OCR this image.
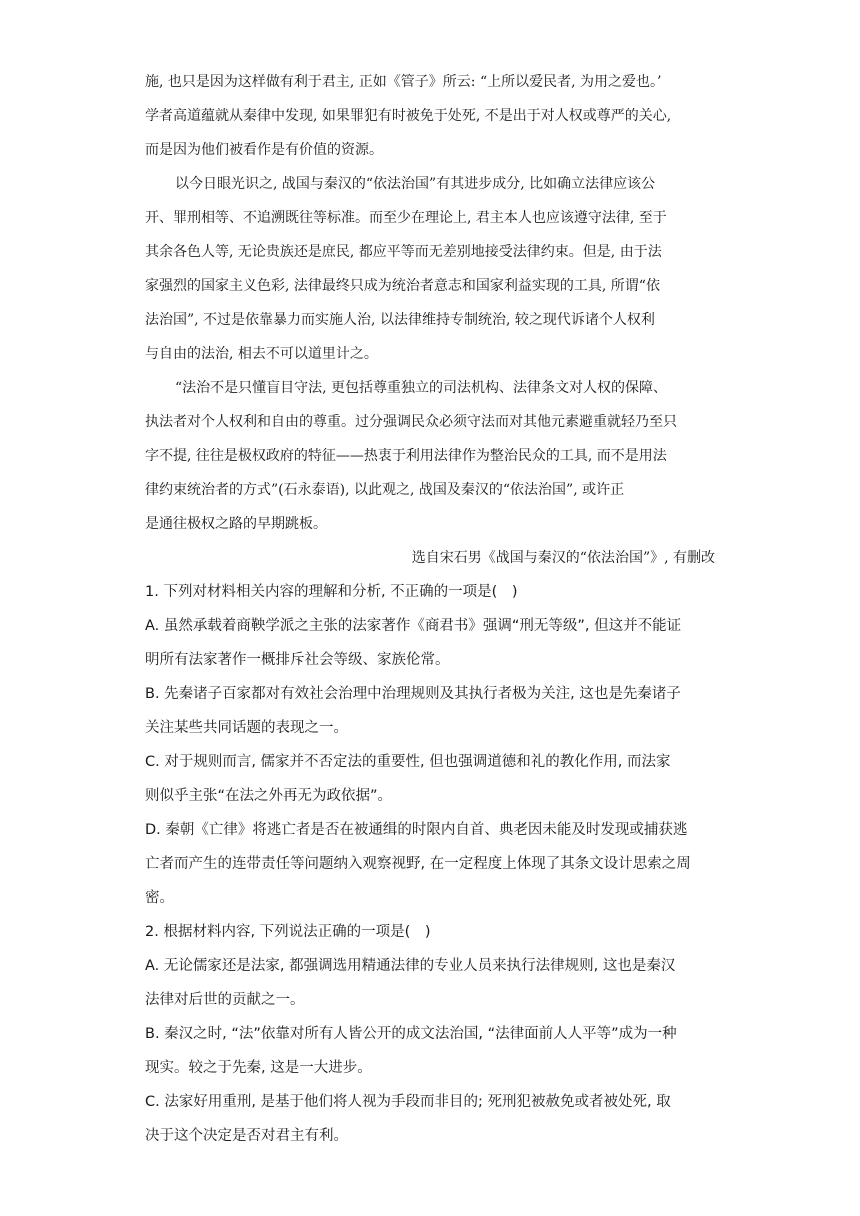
施, 也只是因为这样做有利于君主, 正如《管子》所云: “上所以爱民者, 为用之爱也。’
学者高道蕴就从秦律中发现, 如果罪犯有时被免于处死, 不是出于对人权或尊严的关心,
而是因为他们被看作是有价值的资源。
以今日眼光识之, 战国与秦汉的“依法治国”有其进步成分, 比如确立法律应该公
开、罪刑相等、不追溯既往等标准。而至少在理论上, 君主本人也应该遵守法律, 至于
其余各色人等, 无论贵族还是庶民, 都应平等而无差别地接受法律约束。但是, 由于法
家强烈的国家主义色彩, 法律最终只成为统治者意志和国家利益实现的工具, 所谓“依
法治国”, 不过是依靠暴力而实施人治, 以法律维持专制统治, 较之现代诉诸个人权利
与自由的法治, 相去不可以道里计之。
“法治不是只懂盲目守法, 更包括尊重独立的司法机构、法律条文对人权的保障、
执法者对个人权利和自由的尊重。过分强调民众必须守法而对其他元素避重就轻乃至只
字不提, 往往是极权政府的特征——热衷于利用法律作为整治民众的工具, 而不是用法
律约束统治者的方式”(石永泰语), 以此观之, 战国及秦汉的“依法治国”, 或许正
是通往极权之路的早期跳板。
选自宋石男《战国与秦汉的“依法治国”》, 有删改
1. 下列对材料相关内容的理解和分析, 不正确的一项是(　)
A. 虽然承载着商鞅学派之主张的法家著作《商君书》强调“刑无等级”, 但这并不能证
明所有法家著作一概排斥社会等级、家族伦常。
B. 先秦诸子百家都对有效社会治理中治理规则及其执行者极为关注, 这也是先秦诸子
关注某些共同话题的表现之一。
C. 对于规则而言, 儒家并不否定法的重要性, 但也强调道德和礼的教化作用, 而法家
则似乎主张“在法之外再无为政依据”。
D. 秦朝《亡律》将逃亡者是否在被通缉的时限内自首、典老因未能及时发现或捕获逃
亡者而产生的连带责任等问题纳入观察视野, 在一定程度上体现了其条文设计思索之周
密。
2. 根据材料内容, 下列说法正确的一项是(　)
A. 无论儒家还是法家, 都强调选用精通法律的专业人员来执行法律规则, 这也是秦汉
法律对后世的贡献之一。
B. 秦汉之时, “法”依靠对所有人皆公开的成文法治国, “法律面前人人平等”成为一种
现实。较之于先秦, 这是一大进步。
C. 法家好用重刑, 是基于他们将人视为手段而非目的; 死刑犯被赦免或者被处死, 取
决于这个决定是否对君主有利。
